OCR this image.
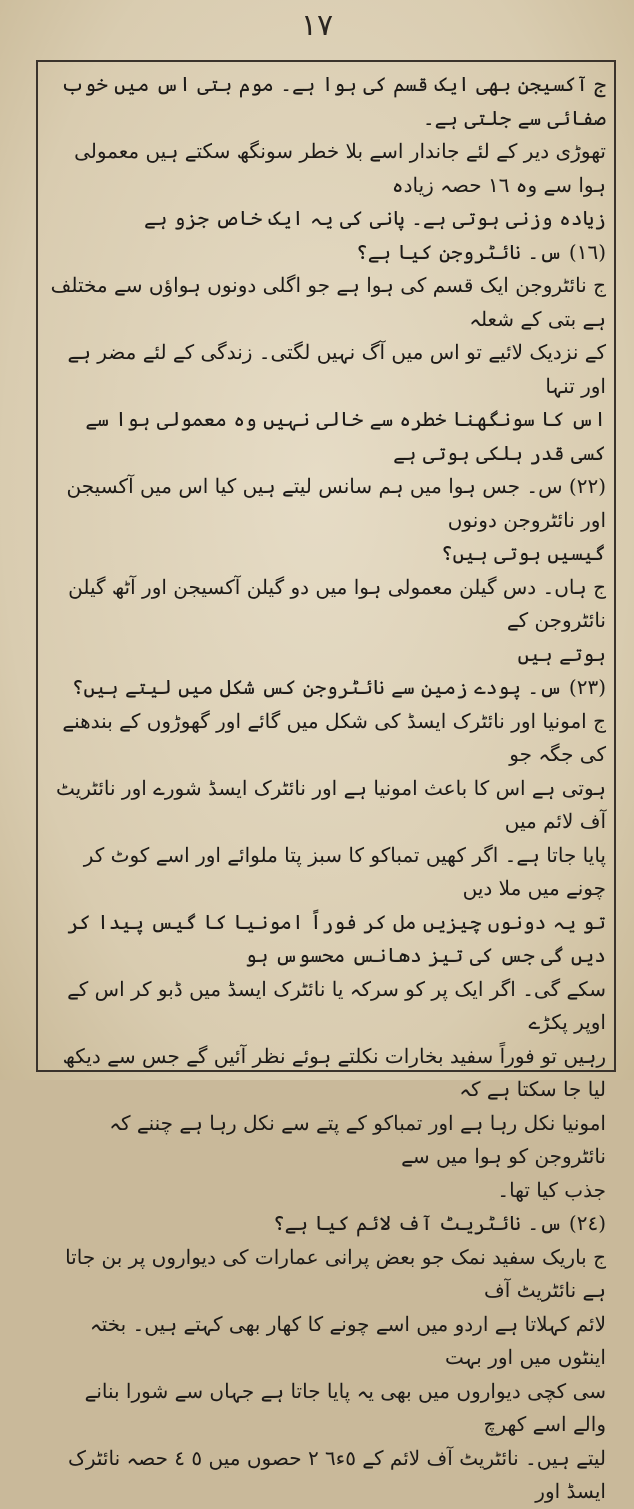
١٧

ج آکسیجن بھی ایک قسم کی ہوا ہے۔ موم بتی اس میں خوب صفائی سے جلتی ہے۔

تھوڑی دیر کے لئے جاندار اسے بلا خطر سونگھ سکتے ہیں معمولی ہوا سے وہ ١٦ حصہ زیادہ

زیادہ وزنی ہوتی ہے۔ پانی کی یہ ایک خاص جزو ہے

(١٦) س۔ نائٹروجن کیا ہے؟

ج نائٹروجن ایک قسم کی ہوا ہے جو اگلی دونوں ہواؤں سے مختلف ہے بتی کے شعلہ

کے نزدیک لائیے تو اس میں آگ نہیں لگتی۔ زندگی کے لئے مضر ہے اور تنہا

اس کا سونگھنا خطرہ سے خالی نہیں وہ معمولی ہوا سے کسی قدر ہلکی ہوتی ہے

(٢٢) س۔ جس ہوا میں ہم سانس لیتے ہیں کیا اس میں آکسیجن اور نائٹروجن دونوں

گیسیں ہوتی ہیں؟

ج ہاں۔ دس گیلن معمولی ہوا میں دو گیلن آکسیجن اور آٹھ گیلن نائٹروجن کے

ہوتے ہیں

(٢٣) س۔ پودے زمین سے نائٹروجن کس شکل میں لیتے ہیں؟

ج امونیا اور نائٹرک ایسڈ کی شکل میں گائے اور گھوڑوں کے بندھنے کی جگہ جو

ہوتی ہے اس کا باعث امونیا ہے اور نائٹرک ایسڈ شورے اور نائٹریٹ آف لائم میں

پایا جاتا ہے۔ اگر کھیں تمباکو کا سبز پتا ملوائے اور اسے کوٹ کر چونے میں ملا دیں

تو یہ دونوں چیزیں مل کر فوراً امونیا کا گیس پیدا کر دیں گی جس کی تیز دھانس محسوس ہو

سکے گی۔ اگر ایک پر کو سرکہ یا نائٹرک ایسڈ میں ڈبو کر اس کے اوپر پکڑے

رہیں تو فوراً سفید بخارات نکلتے ہوئے نظر آئیں گے جس سے دیکھ لیا جا سکتا ہے کہ

امونیا نکل رہا ہے اور تمباکو کے پتے سے نکل رہا ہے چننے کہ نائٹروجن کو ہوا میں سے

جذب کیا تھا۔

(٢٤) س۔ نائٹریٹ آف لائم کیا ہے؟

ج باریک سفید نمک جو بعض پرانی عمارات کی دیواروں پر بن جاتا ہے نائٹریٹ آف

لائم کہلاتا ہے اردو میں اسے چونے کا کھار بھی کہتے ہیں۔ بختہ اینٹوں میں اور بہت

سی کچی دیواروں میں بھی یہ پایا جاتا ہے جہاں سے شورا بنانے والے اسے کھرچ

لیتے ہیں۔ نائٹریٹ آف لائم کے ٥ء٦ ٢ حصوں میں ٥ ٤ حصہ نائٹرک ایسڈ اور
